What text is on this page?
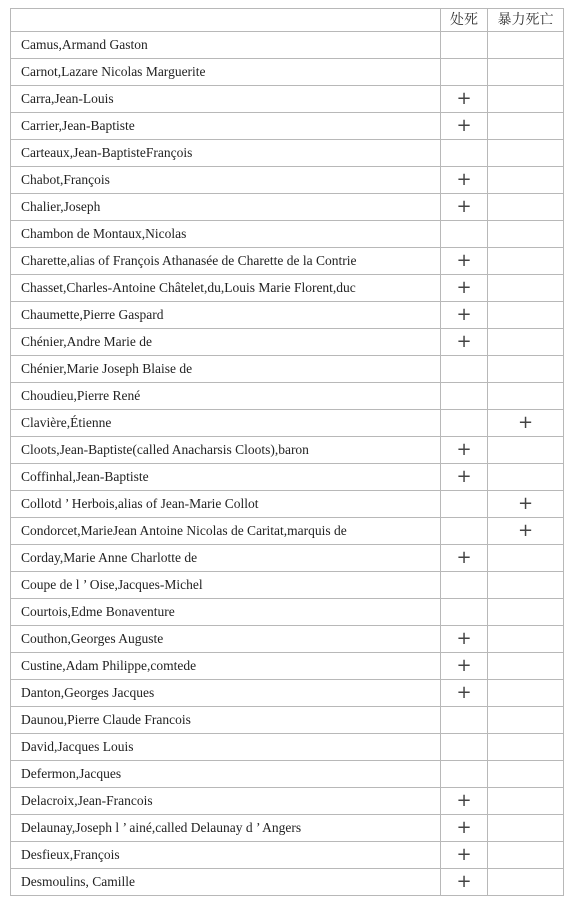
	处死	暴力死亡
Camus,Armand Gaston		
Carnot,Lazare Nicolas Marguerite		
Carra,Jean-Louis	+	
Carrier,Jean-Baptiste	+	
Carteaux,Jean-BaptisteFrançois		
Chabot,François	+	
Chalier,Joseph	+	
Chambon de Montaux,Nicolas		
Charette,alias of François Athanasée de Charette de la Contrie	+	
Chasset,Charles-Antoine Châtelet,du,Louis Marie Florent,duc	+	
Chaumette,Pierre Gaspard	+	
Chénier,Andre Marie de	+	
Chénier,Marie Joseph Blaise de		
Choudieu,Pierre René		
Clavière,Étienne		+
Cloots,Jean-Baptiste(called Anacharsis Cloots),baron	+	
Coffinhal,Jean-Baptiste	+	
Collotd ’ Herbois,alias of Jean-Marie Collot		+
Condorcet,MarieJean Antoine Nicolas de Caritat,marquis de		+
Corday,Marie Anne Charlotte de	+	
Coupe de l ’ Oise,Jacques-Michel		
Courtois,Edme Bonaventure		
Couthon,Georges Auguste	+	
Custine,Adam Philippe,comtede	+	
Danton,Georges Jacques	+	
Daunou,Pierre Claude Francois		
David,Jacques Louis		
Defermon,Jacques		
Delacroix,Jean-Francois	+	
Delaunay,Joseph l ’ ainé,called Delaunay d ’ Angers	+	
Desfieux,François	+	
Desmoulins, Camille	+	
